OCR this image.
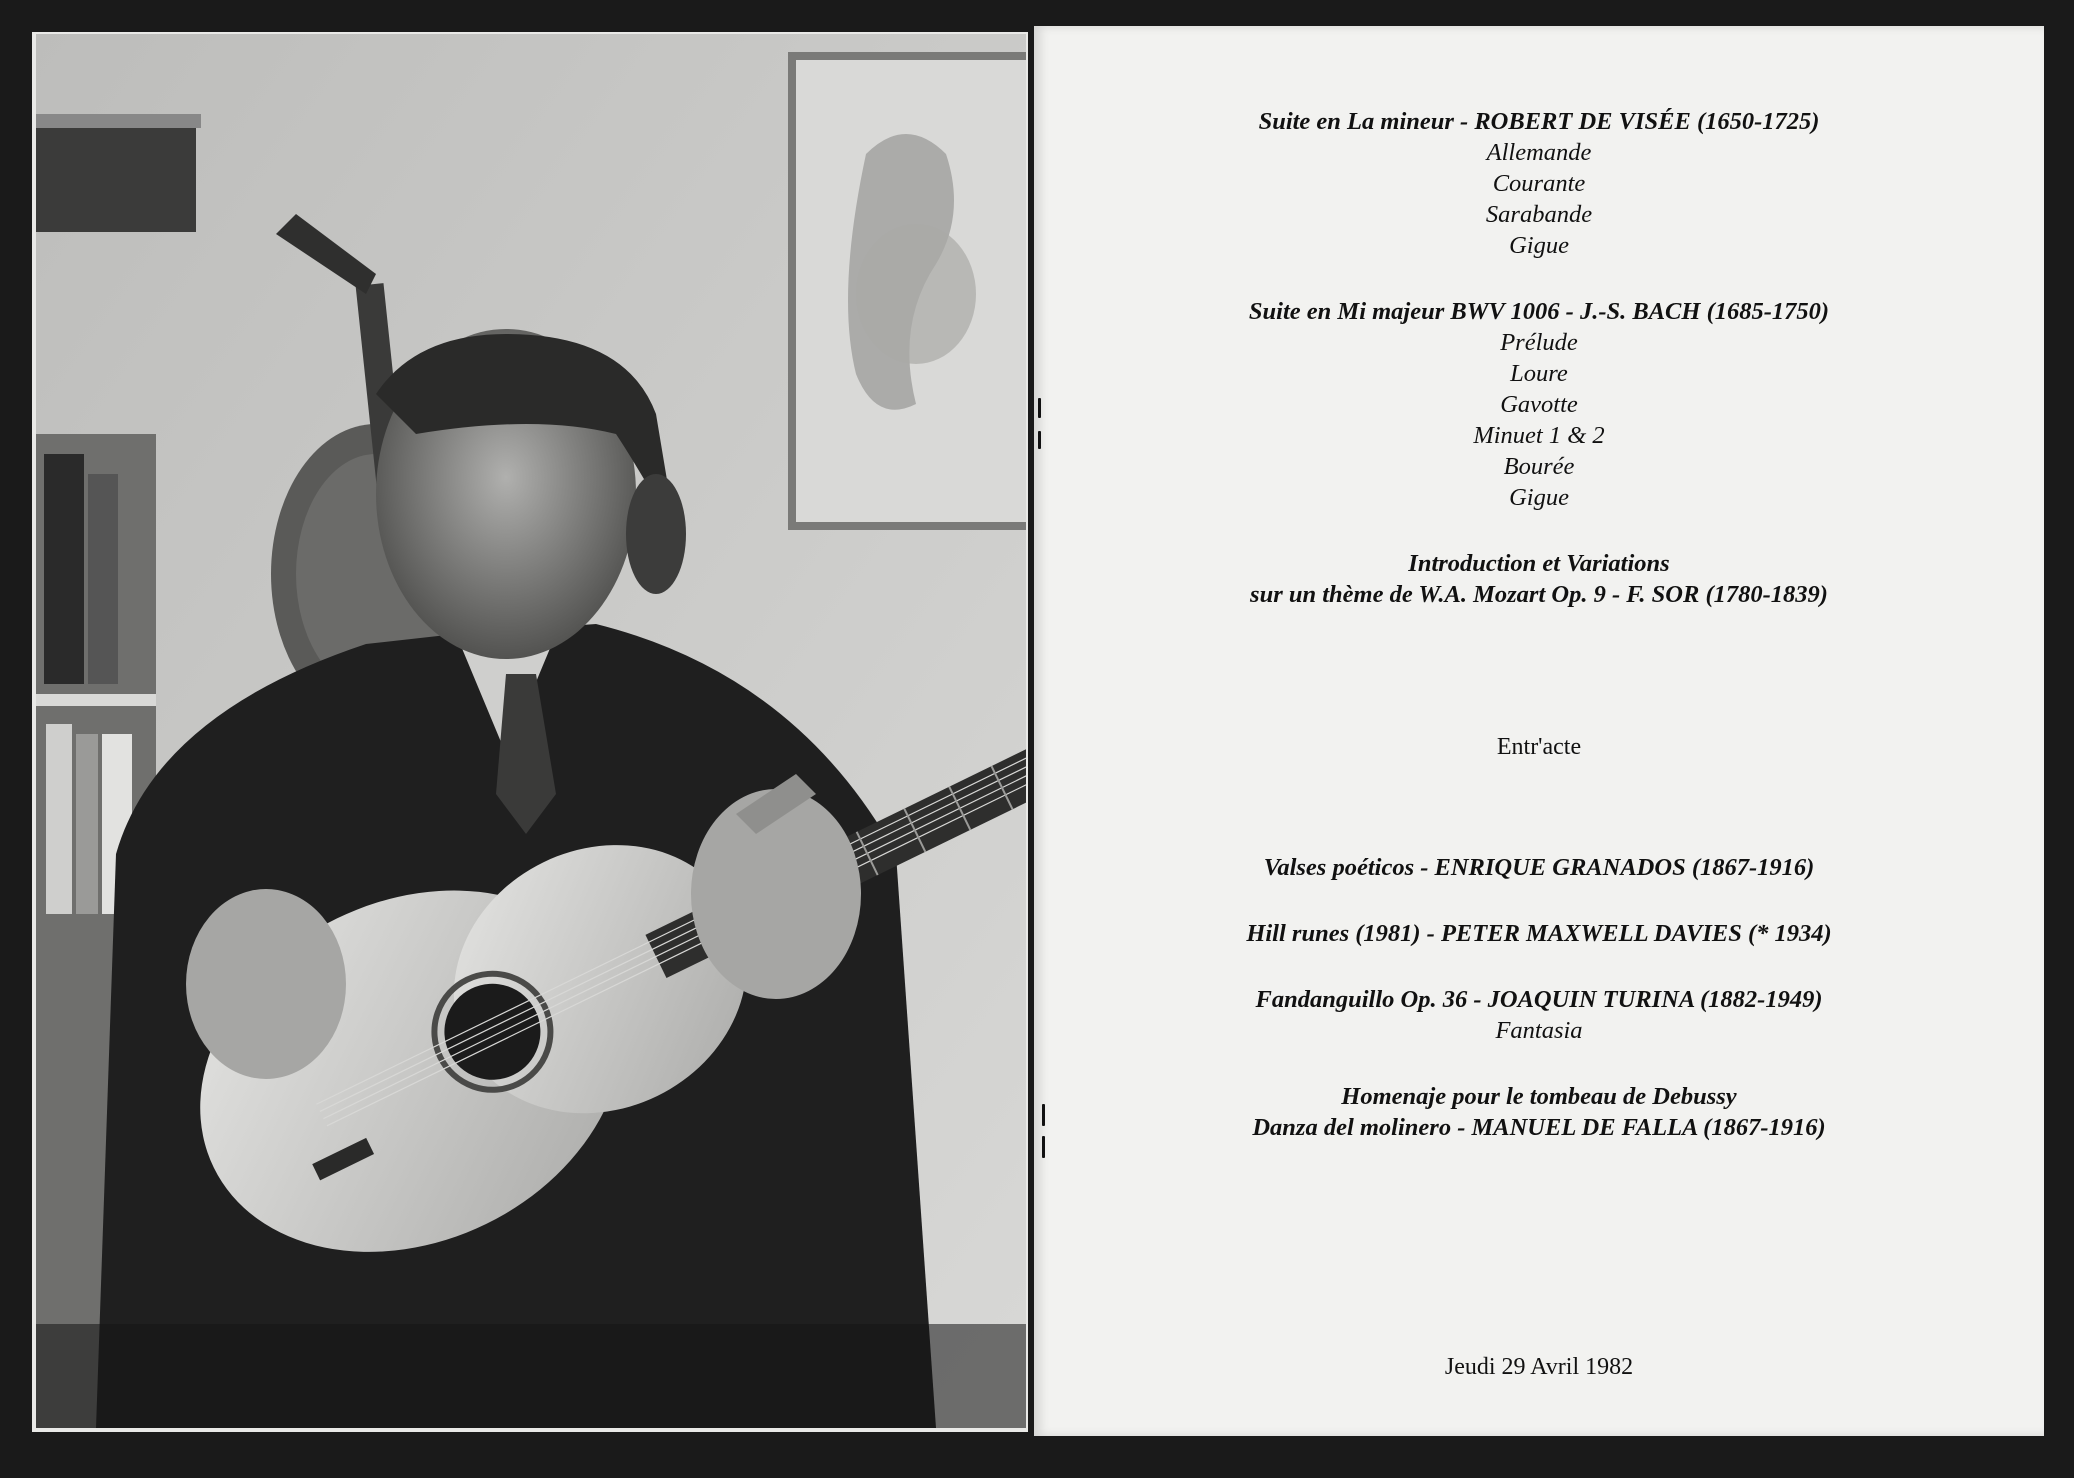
Suite en La mineur - ROBERT DE VISÉE (1650-1725)

Allemande

Courante

Sarabande

Gigue

Suite en Mi majeur BWV 1006 - J.-S. BACH (1685-1750)

Prélude

Loure

Gavotte

Minuet 1 & 2

Bourée

Gigue

Introduction et Variations

sur un thème de W.A. Mozart Op. 9 - F. SOR (1780-1839)

Entr'acte

Valses poéticos - ENRIQUE GRANADOS (1867-1916)

Hill runes (1981) - PETER MAXWELL DAVIES (* 1934)

Fandanguillo Op. 36 - JOAQUIN TURINA (1882-1949)

Fantasia

Homenaje pour le tombeau de Debussy

Danza del molinero - MANUEL DE FALLA (1867-1916)

Jeudi 29 Avril 1982
